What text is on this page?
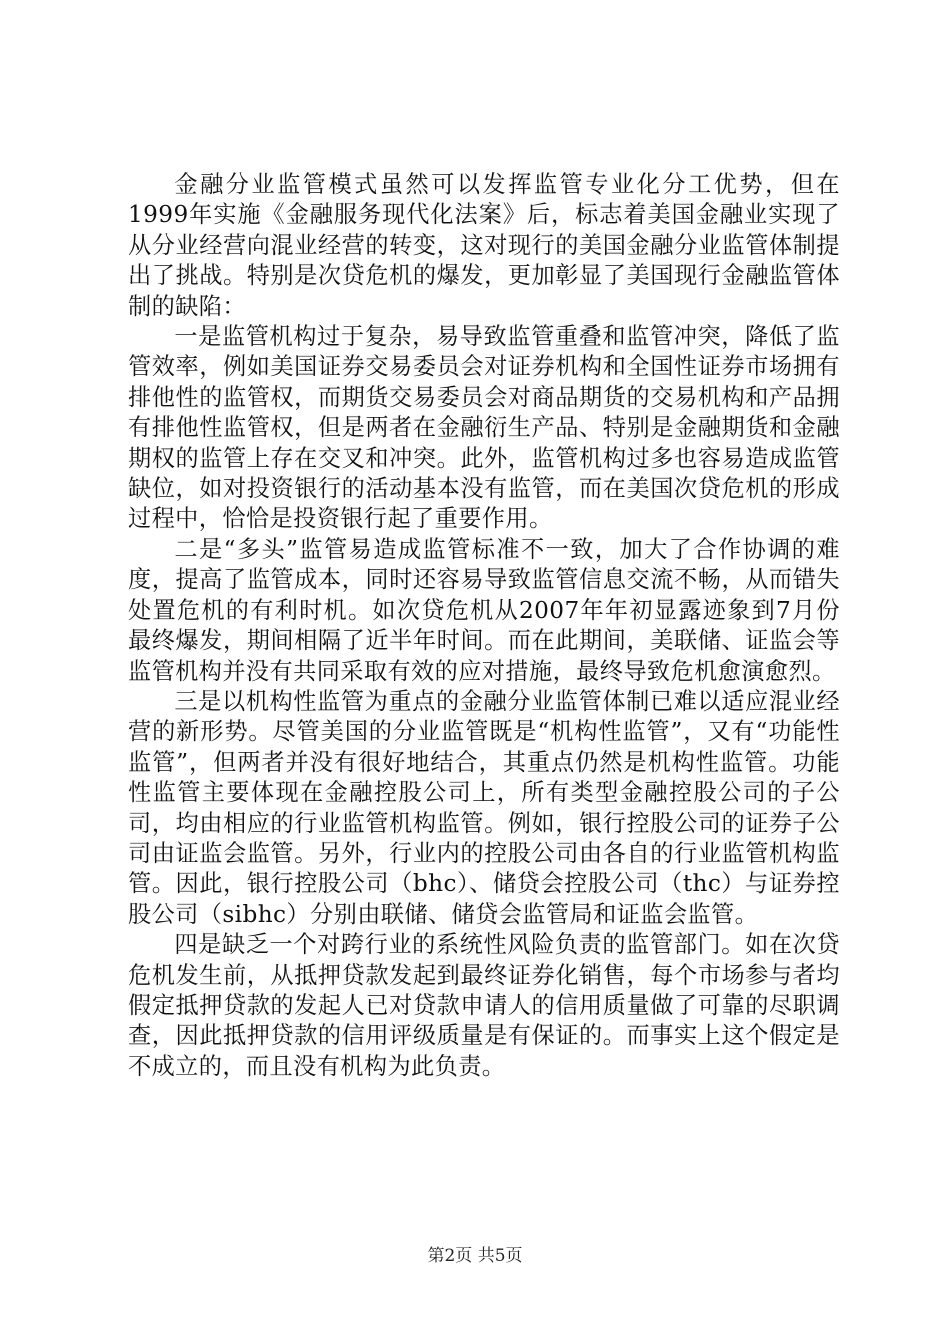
金融分业监管模式虽然可以发挥监管专业化分工优势，但在1999年实施《金融服务现代化法案》后，标志着美国金融业实现了从分业经营向混业经营的转变，这对现行的美国金融分业监管体制提出了挑战。特别是次贷危机的爆发，更加彰显了美国现行金融监管体制的缺陷：

一是监管机构过于复杂，易导致监管重叠和监管冲突，降低了监管效率，例如美国证券交易委员会对证券机构和全国性证券市场拥有排他性的监管权，而期货交易委员会对商品期货的交易机构和产品拥有排他性监管权，但是两者在金融衍生产品、特别是金融期货和金融期权的监管上存在交叉和冲突。此外，监管机构过多也容易造成监管缺位，如对投资银行的活动基本没有监管，而在美国次贷危机的形成过程中，恰恰是投资银行起了重要作用。

二是“多头”监管易造成监管标准不一致，加大了合作协调的难度，提高了监管成本，同时还容易导致监管信息交流不畅，从而错失处置危机的有利时机。如次贷危机从2007年年初显露迹象到7月份最终爆发，期间相隔了近半年时间。而在此期间，美联储、证监会等监管机构并没有共同采取有效的应对措施，最终导致危机愈演愈烈。

三是以机构性监管为重点的金融分业监管体制已难以适应混业经营的新形势。尽管美国的分业监管既是“机构性监管”，又有“功能性监管”，但两者并没有很好地结合，其重点仍然是机构性监管。功能性监管主要体现在金融控股公司上，所有类型金融控股公司的子公司，均由相应的行业监管机构监管。例如，银行控股公司的证券子公司由证监会监管。另外，行业内的控股公司由各自的行业监管机构监管。因此，银行控股公司（bhc）、储贷会控股公司（thc）与证券控股公司（sibhc）分别由联储、储贷会监管局和证监会监管。

四是缺乏一个对跨行业的系统性风险负责的监管部门。如在次贷危机发生前，从抵押贷款发起到最终证券化销售，每个市场参与者均假定抵押贷款的发起人已对贷款申请人的信用质量做了可靠的尽职调查，因此抵押贷款的信用评级质量是有保证的。而事实上这个假定是不成立的，而且没有机构为此负责。

第2页 共5页
